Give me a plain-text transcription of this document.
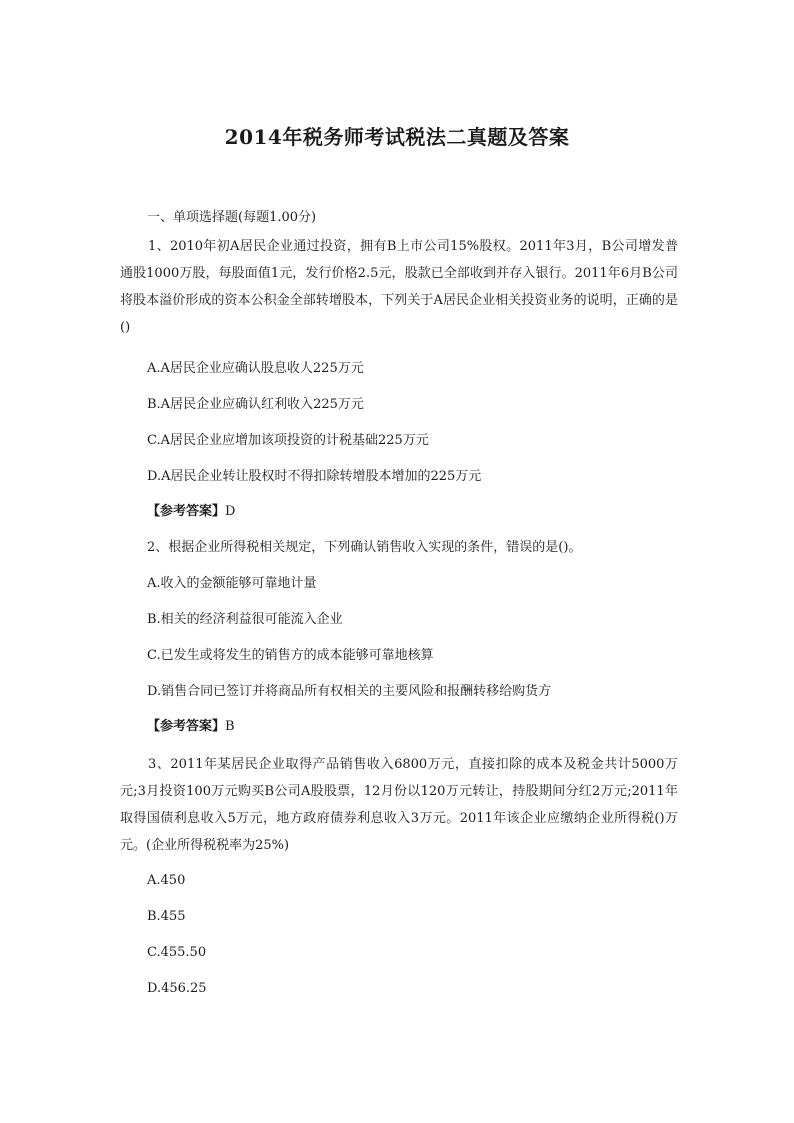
2014年税务师考试税法二真题及答案
一、单项选择题(每题1.00分)
1、2010年初A居民企业通过投资，拥有B上市公司15%股权。2011年3月，B公司增发普通股1000万股，每股面值1元，发行价格2.5元，股款已全部收到并存入银行。2011年6月B公司将股本溢价形成的资本公积金全部转增股本，下列关于A居民企业相关投资业务的说明，正确的是()
A.A居民企业应确认股息收人225万元
B.A居民企业应确认红利收入225万元
C.A居民企业应增加该项投资的计税基础225万元
D.A居民企业转让股权时不得扣除转增股本增加的225万元
【参考答案】D
2、根据企业所得税相关规定，下列确认销售收入实现的条件，错误的是()。
A.收入的金额能够可靠地计量
B.相关的经济利益很可能流入企业
C.已发生或将发生的销售方的成本能够可靠地核算
D.销售合同已签订并将商品所有权相关的主要风险和报酬转移给购货方
【参考答案】B
3、2011年某居民企业取得产品销售收入6800万元，直接扣除的成本及税金共计5000万元;3月投资100万元购买B公司A股股票，12月份以120万元转让，持股期间分红2万元;2011年取得国债利息收入5万元，地方政府债券利息收入3万元。2011年该企业应缴纳企业所得税()万元。(企业所得税税率为25%)
A.450
B.455
C.455.50
D.456.25
